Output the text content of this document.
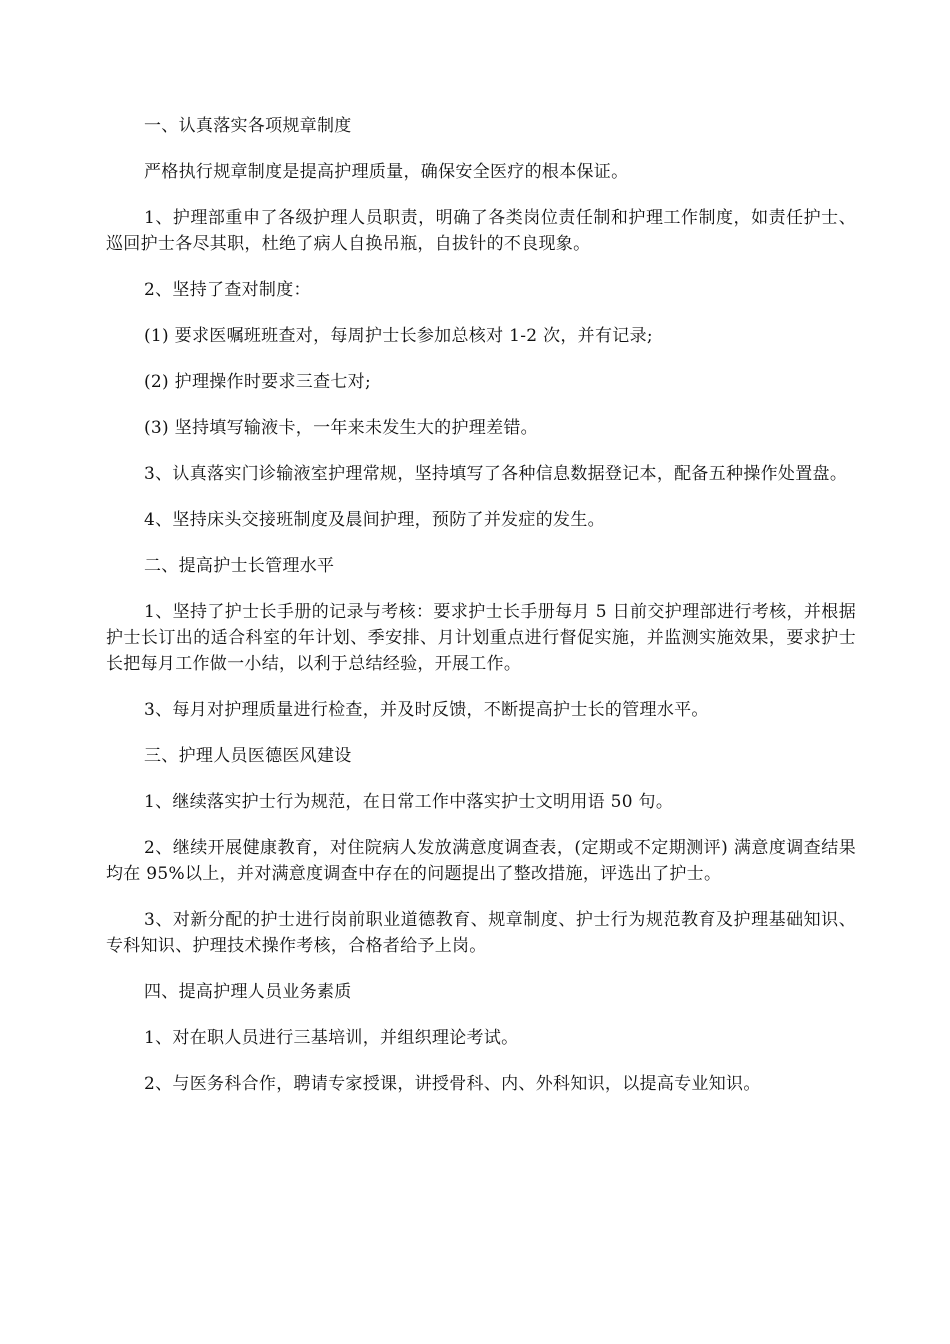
一、认真落实各项规章制度

严格执行规章制度是提高护理质量，确保安全医疗的根本保证。

1、护理部重申了各级护理人员职责，明确了各类岗位责任制和护理工作制度，如责任护士、巡回护士各尽其职，杜绝了病人自换吊瓶，自拔针的不良现象。

2、坚持了查对制度：

(1) 要求医嘱班班查对，每周护士长参加总核对 1-2 次，并有记录;

(2) 护理操作时要求三查七对;

(3) 坚持填写输液卡，一年来未发生大的护理差错。

3、认真落实门诊输液室护理常规，坚持填写了各种信息数据登记本，配备五种操作处置盘。

4、坚持床头交接班制度及晨间护理，预防了并发症的发生。

二、提高护士长管理水平

1、坚持了护士长手册的记录与考核：要求护士长手册每月 5 日前交护理部进行考核，并根据护士长订出的适合科室的年计划、季安排、月计划重点进行督促实施，并监测实施效果，要求护士长把每月工作做一小结，以利于总结经验，开展工作。

3、每月对护理质量进行检查，并及时反馈，不断提高护士长的管理水平。

三、护理人员医德医风建设

1、继续落实护士行为规范，在日常工作中落实护士文明用语 50 句。

2、继续开展健康教育，对住院病人发放满意度调查表，(定期或不定期测评) 满意度调查结果均在 95%以上，并对满意度调查中存在的问题提出了整改措施，评选出了护士。

3、对新分配的护士进行岗前职业道德教育、规章制度、护士行为规范教育及护理基础知识、专科知识、护理技术操作考核，合格者给予上岗。

四、提高护理人员业务素质

1、对在职人员进行三基培训，并组织理论考试。

2、与医务科合作，聘请专家授课，讲授骨科、内、外科知识，以提高专业知识。
